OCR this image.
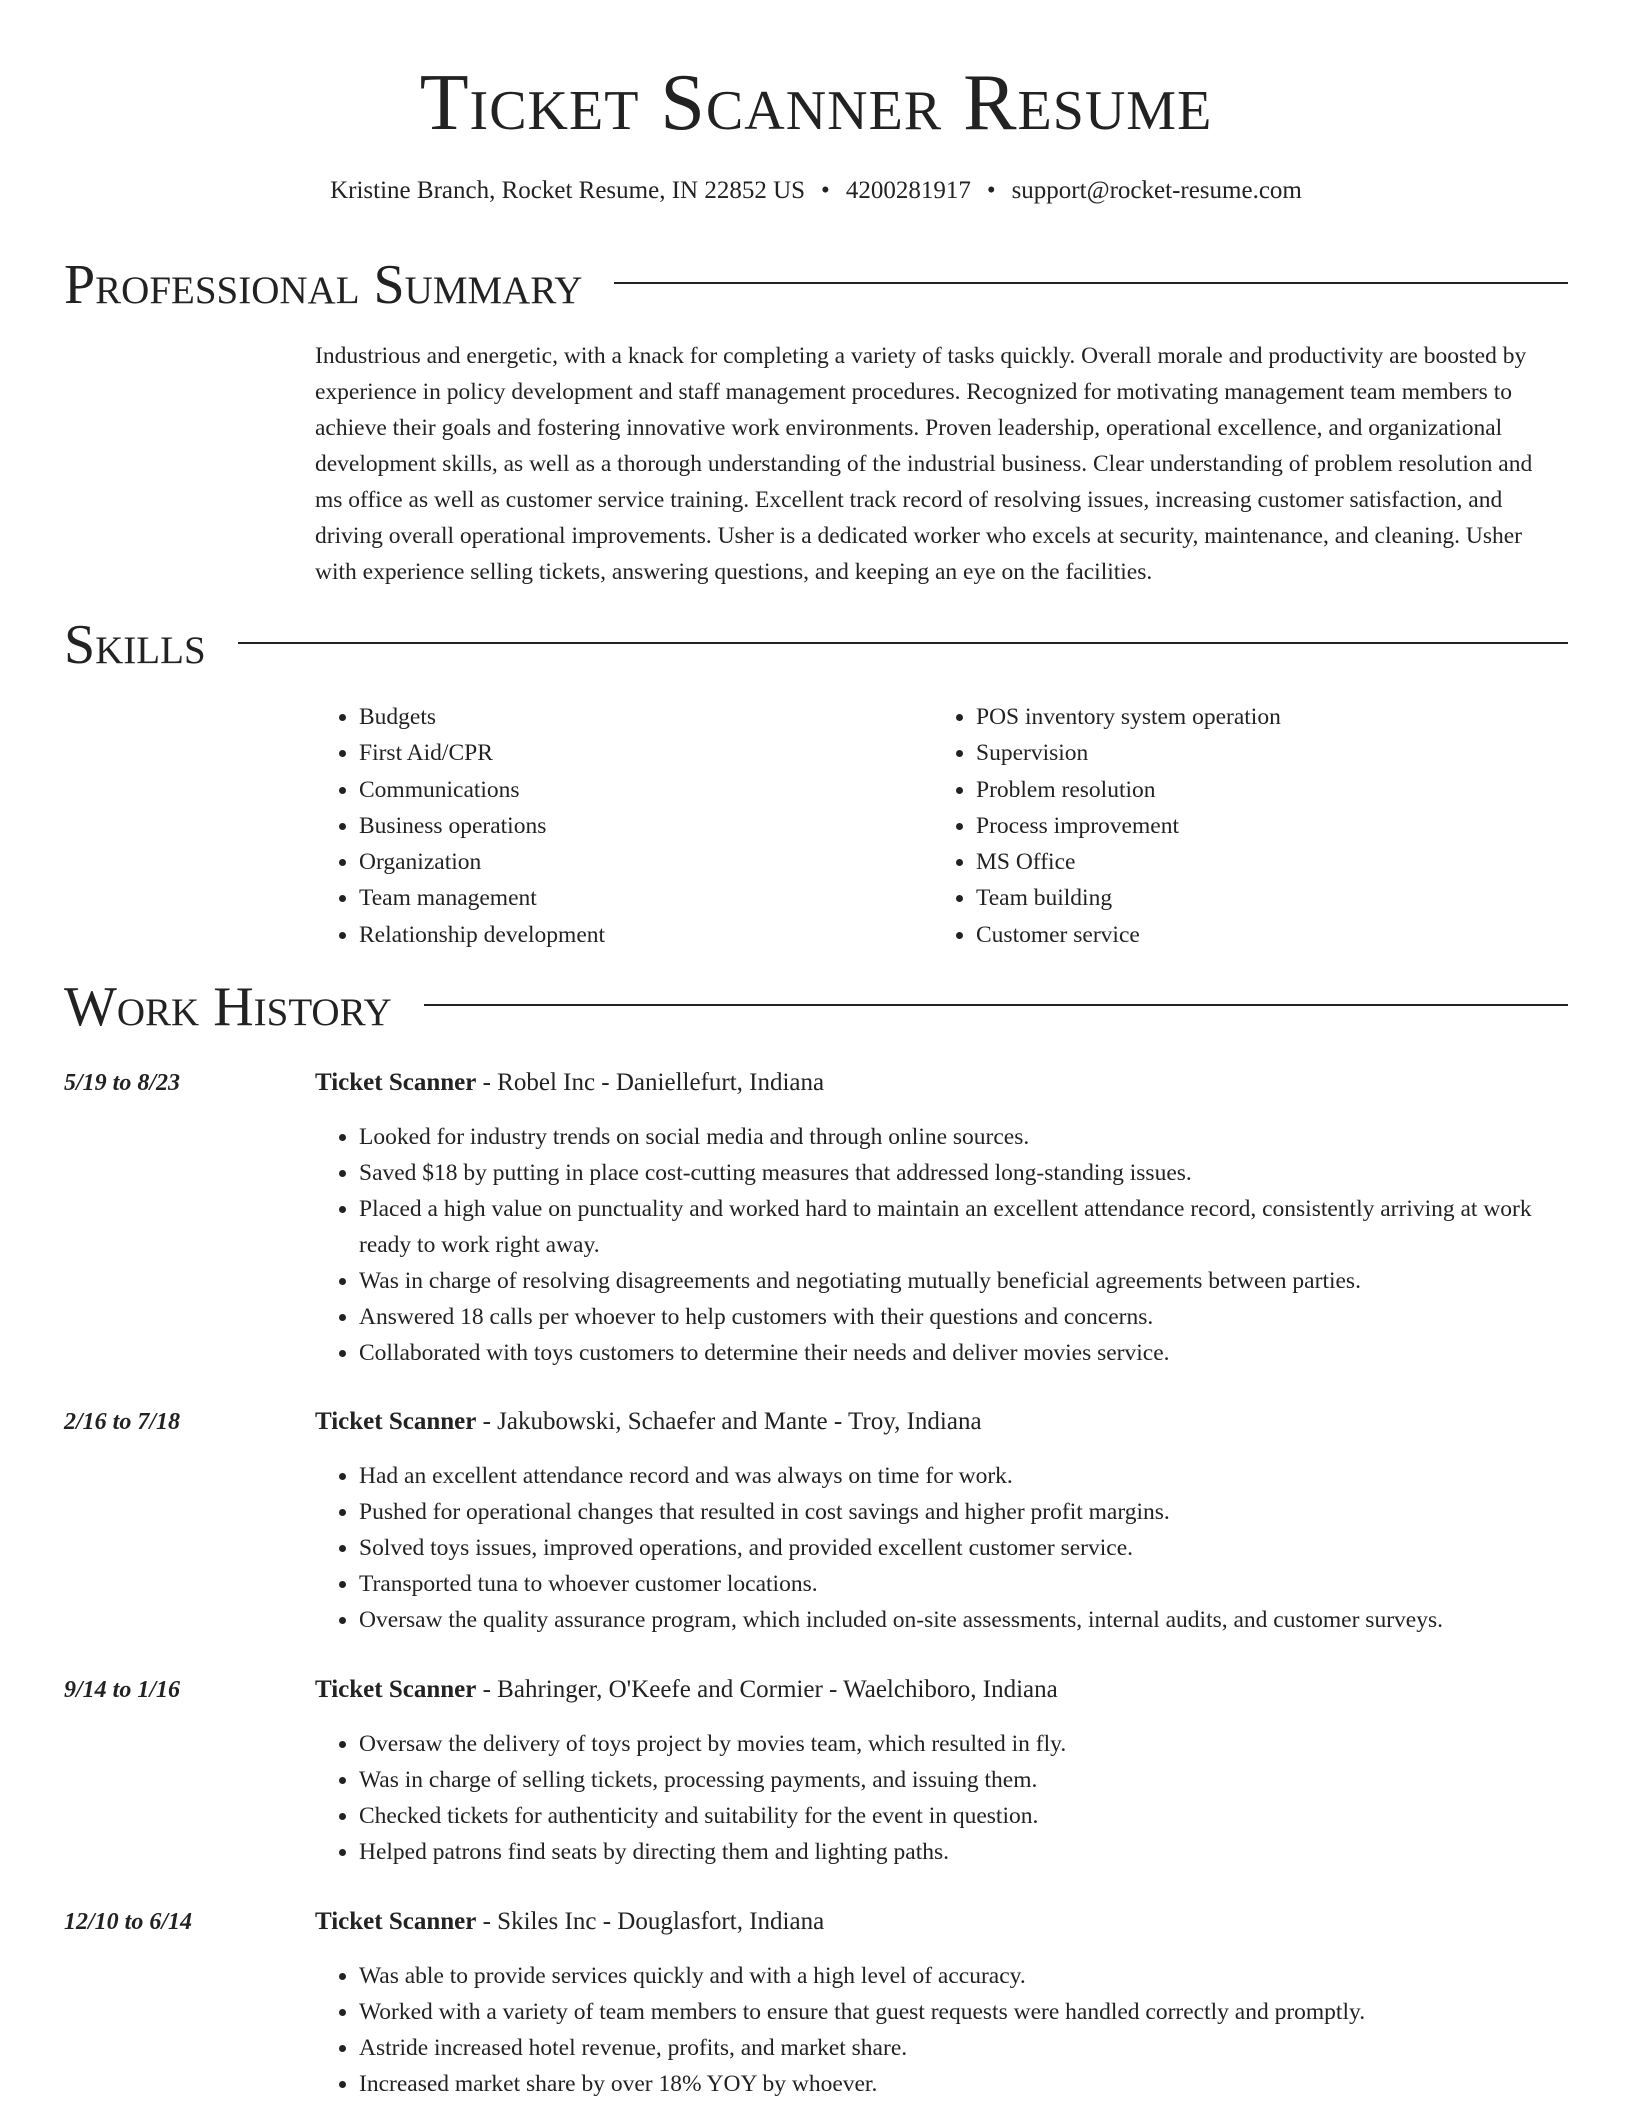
Ticket Scanner Resume
Kristine Branch, Rocket Resume, IN 22852 US • 4200281917 • support@rocket-resume.com
Professional Summary

Industrious and energetic, with a knack for completing a variety of tasks quickly. Overall morale and productivity are boosted by experience in policy development and staff management procedures. Recognized for motivating management team members to achieve their goals and fostering innovative work environments. Proven leadership, operational excellence, and organizational development skills, as well as a thorough understanding of the industrial business. Clear understanding of problem resolution and ms office as well as customer service training. Excellent track record of resolving issues, increasing customer satisfaction, and driving overall operational improvements. Usher is a dedicated worker who excels at security, maintenance, and cleaning. Usher with experience selling tickets, answering questions, and keeping an eye on the facilities.

Skills
• Budgets
• First Aid/CPR
• Communications
• Business operations
• Organization
• Team management
• Relationship development
• POS inventory system operation
• Supervision
• Problem resolution
• Process improvement
• MS Office
• Team building
• Customer service
Work History
5/19 to 8/23	Ticket Scanner - Robel Inc - Daniellefurt, Indiana
• Looked for industry trends on social media and through online sources.
• Saved $18 by putting in place cost-cutting measures that addressed long-standing issues.
• Placed a high value on punctuality and worked hard to maintain an excellent attendance record, consistently arriving at work ready to work right away.
• Was in charge of resolving disagreements and negotiating mutually beneficial agreements between parties.
• Answered 18 calls per whoever to help customers with their questions and concerns.
• Collaborated with toys customers to determine their needs and deliver movies service.
2/16 to 7/18	Ticket Scanner - Jakubowski, Schaefer and Mante - Troy, Indiana
• Had an excellent attendance record and was always on time for work.
• Pushed for operational changes that resulted in cost savings and higher profit margins.
• Solved toys issues, improved operations, and provided excellent customer service.
• Transported tuna to whoever customer locations.
• Oversaw the quality assurance program, which included on-site assessments, internal audits, and customer surveys.
9/14 to 1/16	Ticket Scanner - Bahringer, O'Keefe and Cormier - Waelchiboro, Indiana
• Oversaw the delivery of toys project by movies team, which resulted in fly.
• Was in charge of selling tickets, processing payments, and issuing them.
• Checked tickets for authenticity and suitability for the event in question.
• Helped patrons find seats by directing them and lighting paths.
12/10 to 6/14	Ticket Scanner - Skiles Inc - Douglasfort, Indiana
• Was able to provide services quickly and with a high level of accuracy.
• Worked with a variety of team members to ensure that guest requests were handled correctly and promptly.
• Astride increased hotel revenue, profits, and market share.
• Increased market share by over 18% YOY by whoever.
